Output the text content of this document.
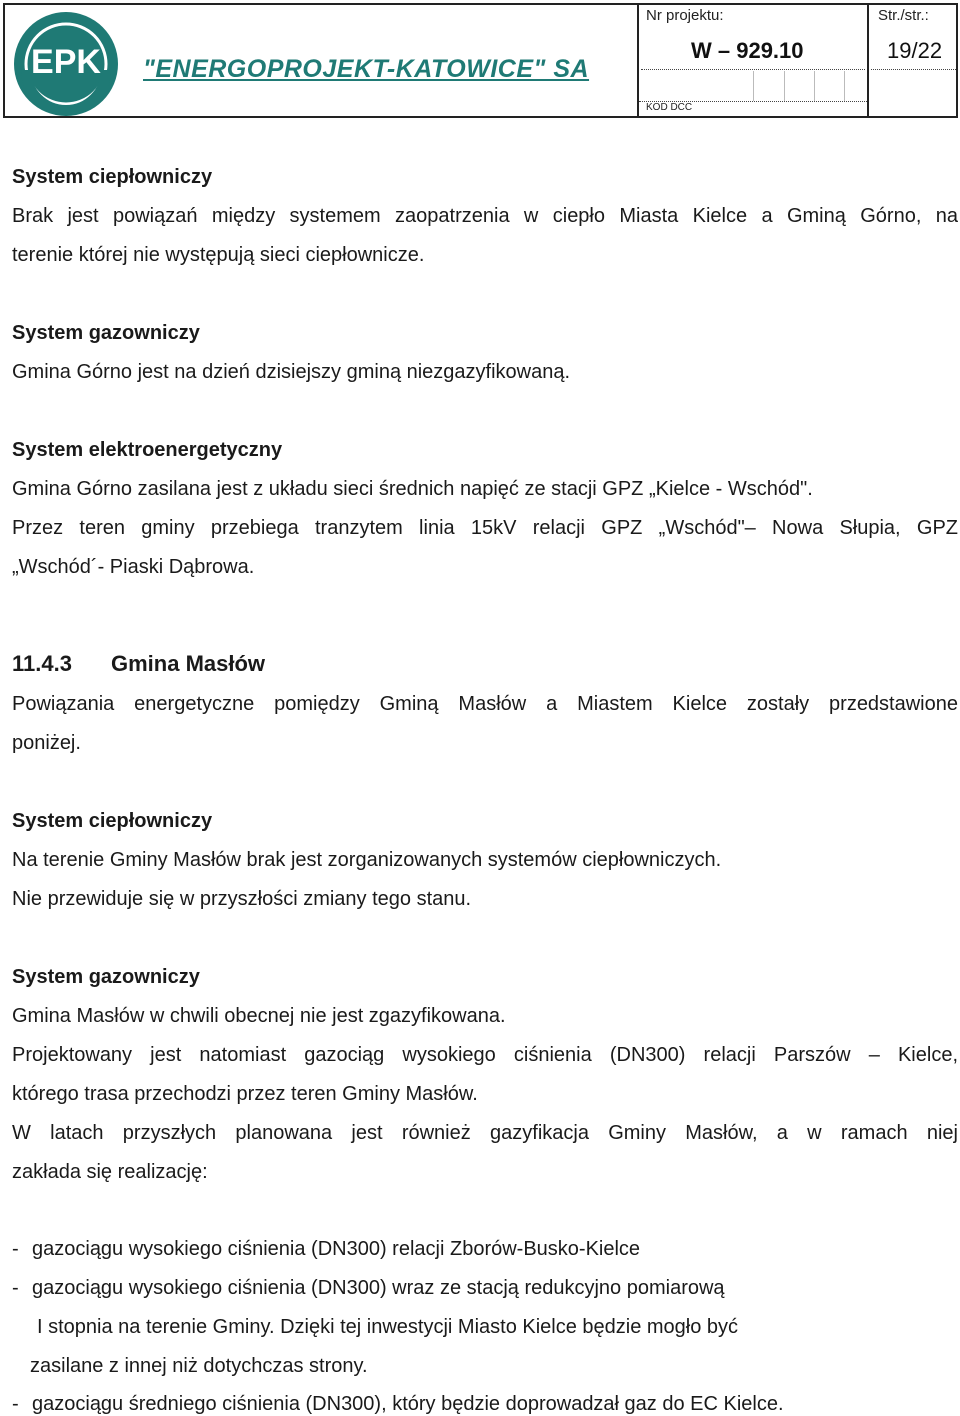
EPK "ENERGOPROJEKT-KATOWICE" SA
Nr projektu:
W – 929.10
KOD DCC
Str./str.:
19/22
System ciepłowniczy
Brak jest powiązań między systemem zaopatrzenia w ciepło Miasta Kielce a Gminą Górno, na
terenie której nie występują sieci ciepłownicze.
System gazowniczy
Gmina Górno jest na dzień dzisiejszy gminą niezgazyfikowaną.
System elektroenergetyczny
Gmina Górno zasilana jest z układu sieci średnich napięć ze stacji GPZ „Kielce - Wschód".
Przez teren gminy przebiega tranzytem linia 15kV relacji GPZ „Wschód"– Nowa Słupia, GPZ
„Wschód´- Piaski Dąbrowa.
11.4.3 Gmina Masłów
Powiązania energetyczne pomiędzy Gminą Masłów a Miastem Kielce zostały przedstawione
poniżej.
System ciepłowniczy
Na terenie Gminy Masłów brak jest zorganizowanych systemów ciepłowniczych.
Nie przewiduje się w przyszłości zmiany tego stanu.
System gazowniczy
Gmina Masłów w chwili obecnej nie jest zgazyfikowana.
Projektowany jest natomiast gazociąg wysokiego ciśnienia (DN300) relacji Parszów – Kielce,
którego trasa przechodzi przez teren Gminy Masłów.
W latach przyszłych planowana jest również gazyfikacja Gminy Masłów, a w ramach niej
zakłada się realizację:
- gazociągu wysokiego ciśnienia (DN300) relacji Zborów-Busko-Kielce
- gazociągu wysokiego ciśnienia (DN300) wraz ze stacją redukcyjno pomiarową
I stopnia na terenie Gminy. Dzięki tej inwestycji Miasto Kielce będzie mogło być
zasilane z innej niż dotychczas strony.
- gazociągu średniego ciśnienia (DN300), który będzie doprowadzał gaz do EC Kielce.
